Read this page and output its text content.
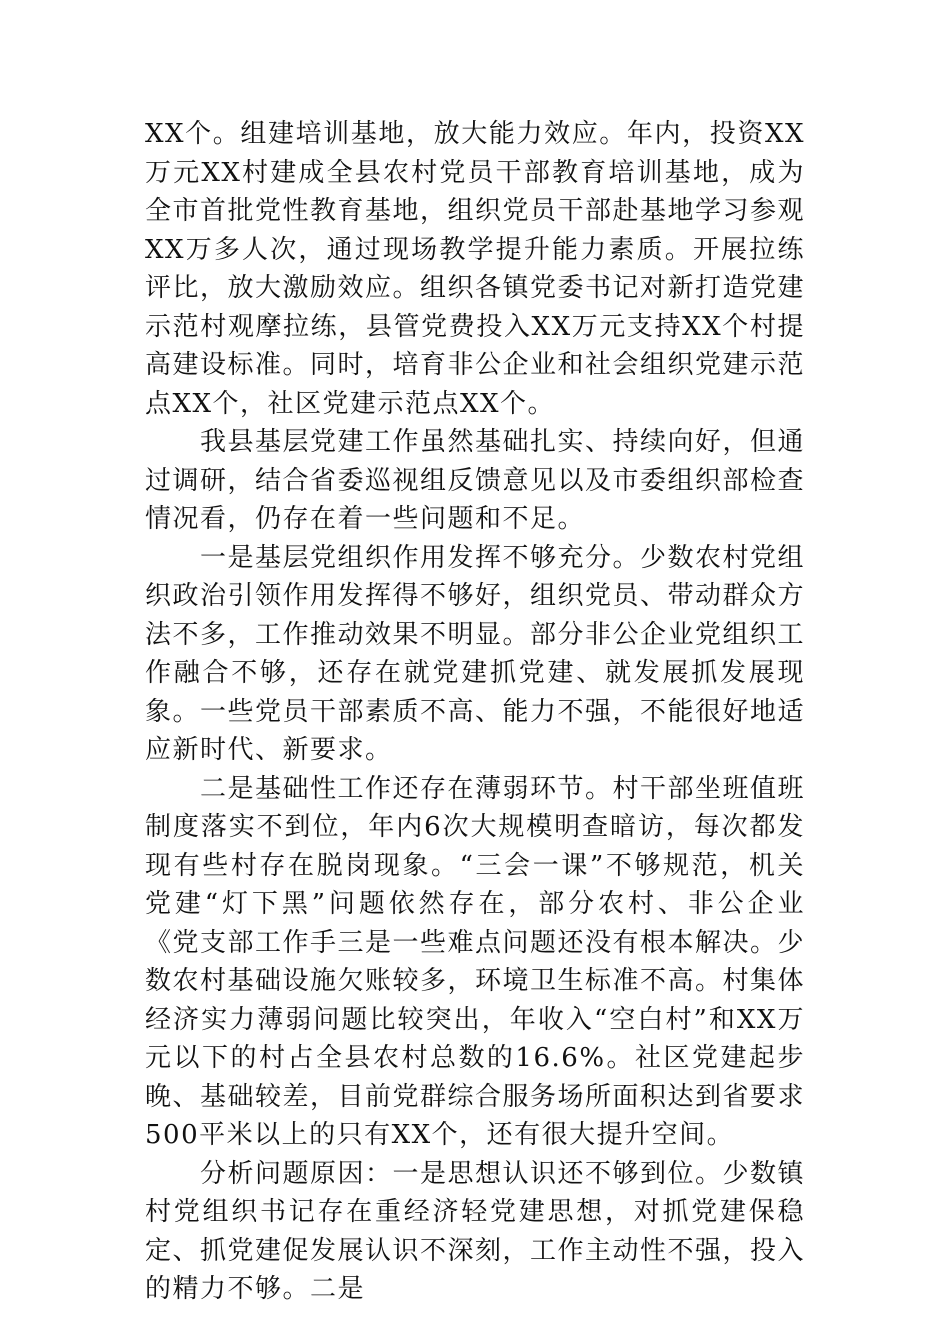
XX个。组建培训基地，放大能力效应。年内，投资XX万元XX村建成全县农村党员干部教育培训基地，成为全市首批党性教育基地，组织党员干部赴基地学习参观XX万多人次，通过现场教学提升能力素质。开展拉练评比，放大激励效应。组织各镇党委书记对新打造党建示范村观摩拉练，县管党费投入XX万元支持XX个村提高建设标准。同时，培育非公企业和社会组织党建示范点XX个，社区党建示范点XX个。

我县基层党建工作虽然基础扎实、持续向好，但通过调研，结合省委巡视组反馈意见以及市委组织部检查情况看，仍存在着一些问题和不足。

一是基层党组织作用发挥不够充分。少数农村党组织政治引领作用发挥得不够好，组织党员、带动群众方法不多，工作推动效果不明显。部分非公企业党组织工作融合不够，还存在就党建抓党建、就发展抓发展现象。一些党员干部素质不高、能力不强，不能很好地适应新时代、新要求。

二是基础性工作还存在薄弱环节。村干部坐班值班制度落实不到位，年内6次大规模明查暗访，每次都发现有些村存在脱岗现象。“三会一课”不够规范，机关党建“灯下黑”问题依然存在，部分农村、非公企业《党支部工作手三是一些难点问题还没有根本解决。少数农村基础设施欠账较多，环境卫生标准不高。村集体经济实力薄弱问题比较突出，年收入“空白村”和XX万元以下的村占全县农村总数的16.6%。社区党建起步晚、基础较差，目前党群综合服务场所面积达到省要求500平米以上的只有XX个，还有很大提升空间。

分析问题原因：一是思想认识还不够到位。少数镇村党组织书记存在重经济轻党建思想，对抓党建保稳定、抓党建促发展认识不深刻，工作主动性不强，投入的精力不够。二是
